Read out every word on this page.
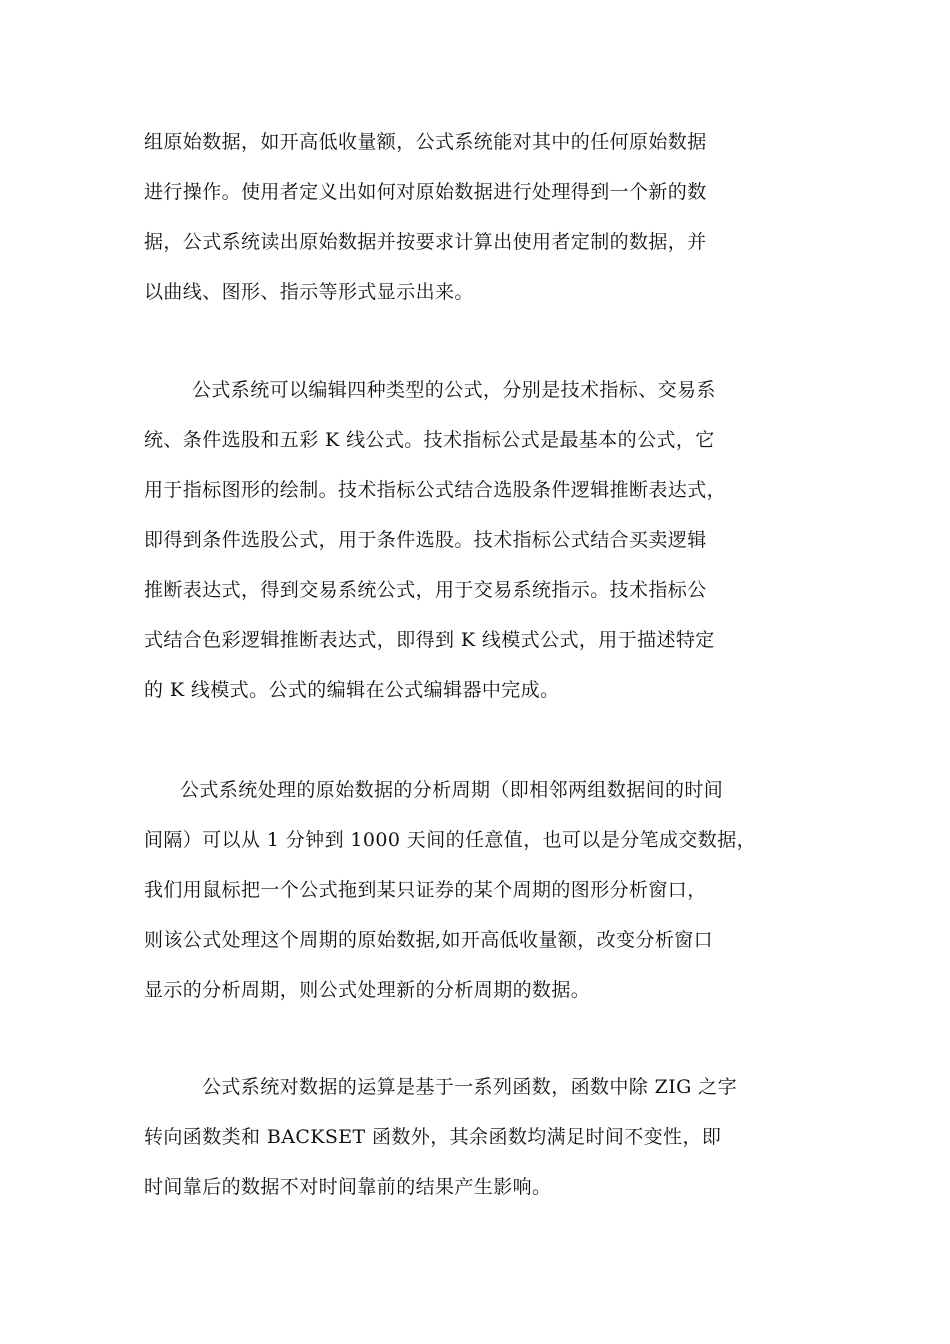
组原始数据，如开高低收量额，公式系统能对其中的任何原始数据
进行操作。使用者定义出如何对原始数据进行处理得到一个新的数
据，公式系统读出原始数据并按要求计算出使用者定制的数据，并
以曲线、图形、指示等形式显示出来。
公式系统可以编辑四种类型的公式，分别是技术指标、交易系
统、条件选股和五彩 K 线公式。技术指标公式是最基本的公式，它
用于指标图形的绘制。技术指标公式结合选股条件逻辑推断表达式，
即得到条件选股公式，用于条件选股。技术指标公式结合买卖逻辑
推断表达式，得到交易系统公式，用于交易系统指示。技术指标公
式结合色彩逻辑推断表达式，即得到 K 线模式公式，用于描述特定
的 K 线模式。公式的编辑在公式编辑器中完成。
公式系统处理的原始数据的分析周期（即相邻两组数据间的时间
间隔）可以从 1 分钟到 1000 天间的任意值，也可以是分笔成交数据，
我们用鼠标把一个公式拖到某只证券的某个周期的图形分析窗口，
则该公式处理这个周期的原始数据,如开高低收量额，改变分析窗口
显示的分析周期，则公式处理新的分析周期的数据。
公式系统对数据的运算是基于一系列函数，函数中除 ZIG 之字
转向函数类和 BACKSET 函数外，其余函数均满足时间不变性，即
时间靠后的数据不对时间靠前的结果产生影响。
